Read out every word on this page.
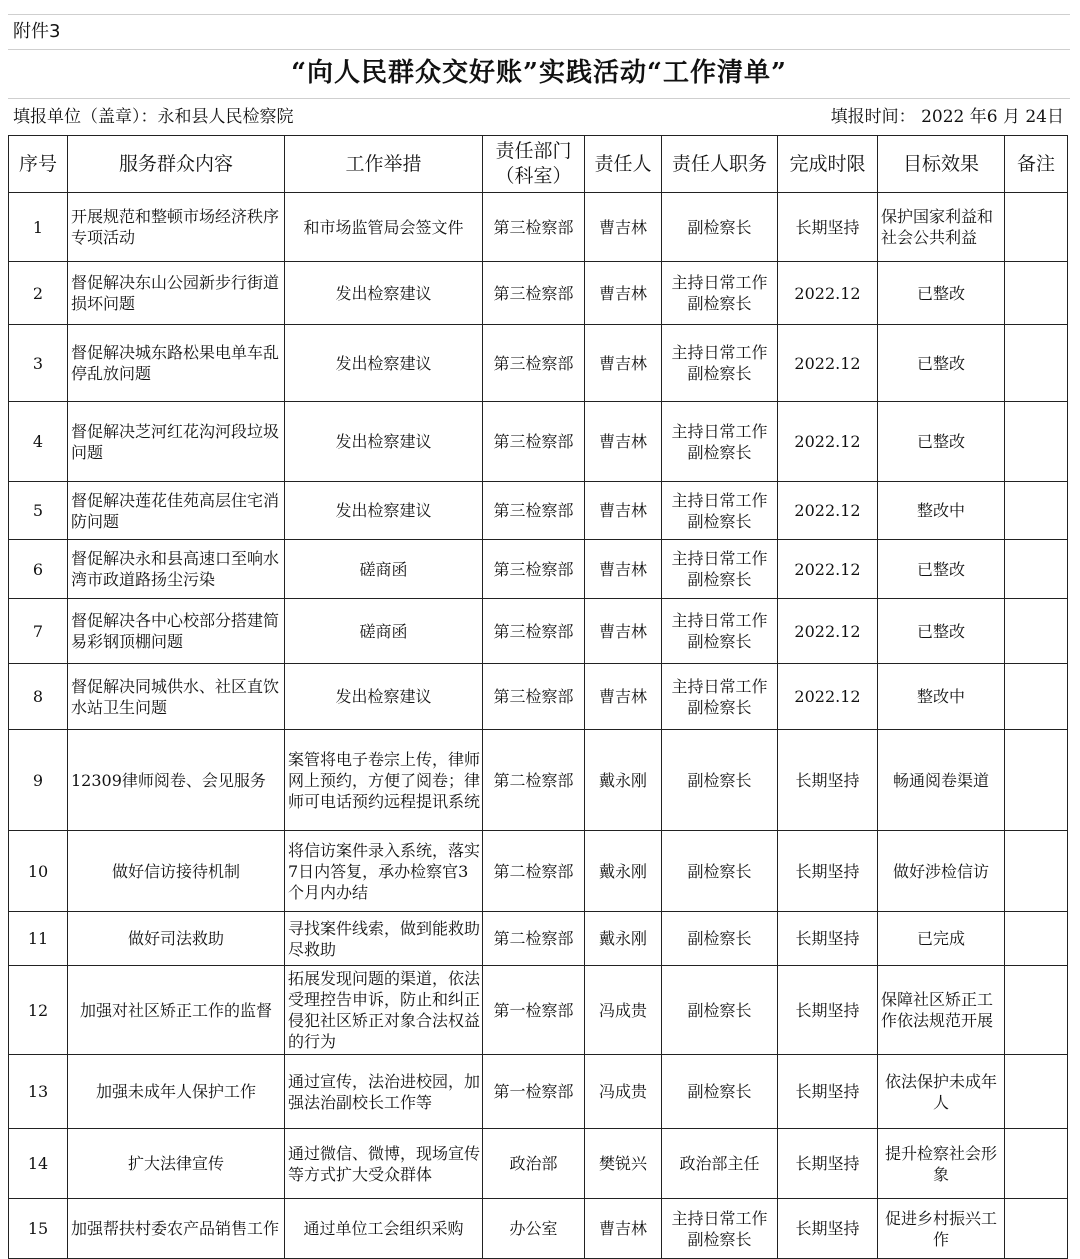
附件3
“向人民群众交好账”实践活动“工作清单”
填报单位（盖章）：永和县人民检察院	填报时间： 2022 年6 月 24日
序号	服务群众内容	工作举措	责任部门（科室）	责任人	责任人职务	完成时限	目标效果	备注
1	开展规范和整顿市场经济秩序专项活动	和市场监管局会签文件	第三检察部	曹吉林	副检察长	长期坚持	保护国家利益和社会公共利益	
2	督促解决东山公园新步行街道损坏问题	发出检察建议	第三检察部	曹吉林	主持日常工作副检察长	2022.12	已整改	
3	督促解决城东路松果电单车乱停乱放问题	发出检察建议	第三检察部	曹吉林	主持日常工作副检察长	2022.12	已整改	
4	督促解决芝河红花沟河段垃圾问题	发出检察建议	第三检察部	曹吉林	主持日常工作副检察长	2022.12	已整改	
5	督促解决莲花佳苑高层住宅消防问题	发出检察建议	第三检察部	曹吉林	主持日常工作副检察长	2022.12	整改中	
6	督促解决永和县高速口至响水湾市政道路扬尘污染	磋商函	第三检察部	曹吉林	主持日常工作副检察长	2022.12	已整改	
7	督促解决各中心校部分搭建简易彩钢顶棚问题	磋商函	第三检察部	曹吉林	主持日常工作副检察长	2022.12	已整改	
8	督促解决同城供水、社区直饮水站卫生问题	发出检察建议	第三检察部	曹吉林	主持日常工作副检察长	2022.12	整改中	
9	12309律师阅卷、会见服务	案管将电子卷宗上传，律师网上预约，方便了阅卷；律师可电话预约远程提讯系统	第二检察部	戴永刚	副检察长	长期坚持	畅通阅卷渠道	
10	做好信访接待机制	将信访案件录入系统，落实7日内答复，承办检察官3个月内办结	第二检察部	戴永刚	副检察长	长期坚持	做好涉检信访	
11	做好司法救助	寻找案件线索，做到能救助尽救助	第二检察部	戴永刚	副检察长	长期坚持	已完成	
12	加强对社区矫正工作的监督	拓展发现问题的渠道，依法受理控告申诉，防止和纠正侵犯社区矫正对象合法权益的行为	第一检察部	冯成贵	副检察长	长期坚持	保障社区矫正工作依法规范开展	
13	加强未成年人保护工作	通过宣传，法治进校园，加强法治副校长工作等	第一检察部	冯成贵	副检察长	长期坚持	依法保护未成年人	
14	扩大法律宣传	通过微信、微博，现场宣传等方式扩大受众群体	政治部	樊锐兴	政治部主任	长期坚持	提升检察社会形象	
15	加强帮扶村委农产品销售工作	通过单位工会组织采购	办公室	曹吉林	主持日常工作副检察长	长期坚持	促进乡村振兴工作	
